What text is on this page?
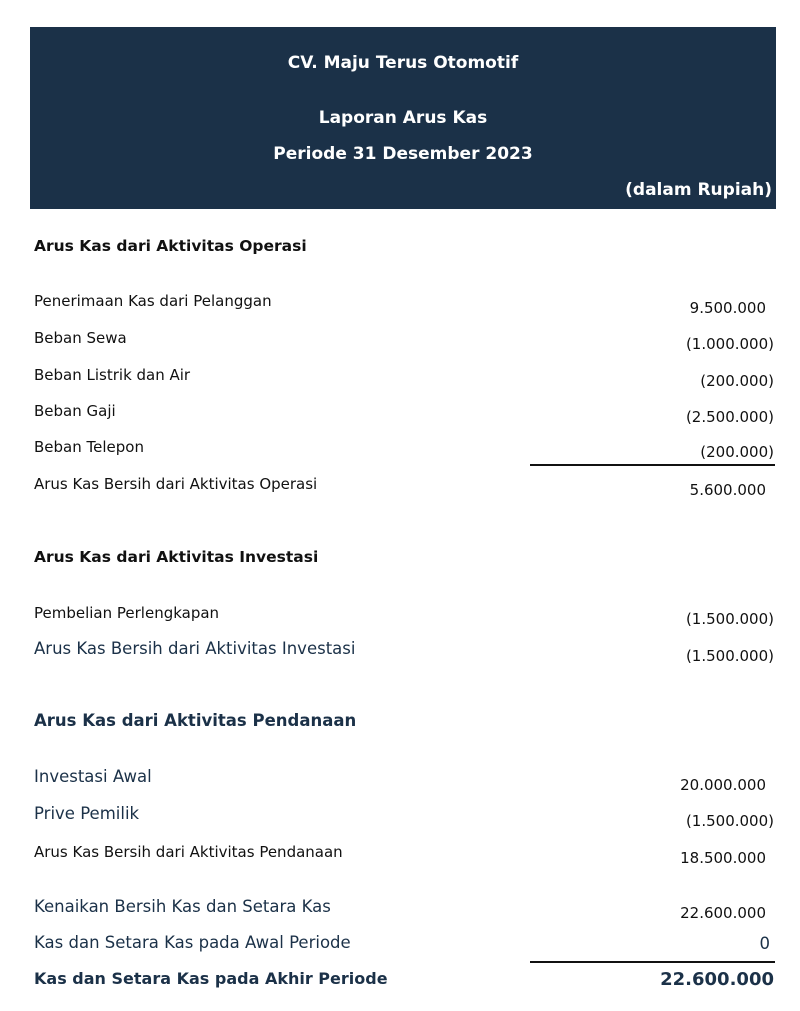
CV. Maju Terus Otomotif
Laporan Arus Kas
Periode 31 Desember 2023
(dalam Rupiah)
Arus Kas dari Aktivitas Operasi
Penerimaan Kas dari Pelanggan	9.500.000
Beban Sewa	(1.000.000)
Beban Listrik dan Air	(200.000)
Beban Gaji	(2.500.000)
Beban Telepon	(200.000)
Arus Kas Bersih dari Aktivitas Operasi	5.600.000
Arus Kas dari Aktivitas Investasi
Pembelian Perlengkapan	(1.500.000)
Arus Kas Bersih dari Aktivitas Investasi	(1.500.000)
Arus Kas dari Aktivitas Pendanaan
Investasi Awal	20.000.000
Prive Pemilik	(1.500.000)
Arus Kas Bersih dari Aktivitas Pendanaan	18.500.000
Kenaikan Bersih Kas dan Setara Kas	22.600.000
Kas dan Setara Kas pada Awal Periode	0
Kas dan Setara Kas pada Akhir Periode	22.600.000
